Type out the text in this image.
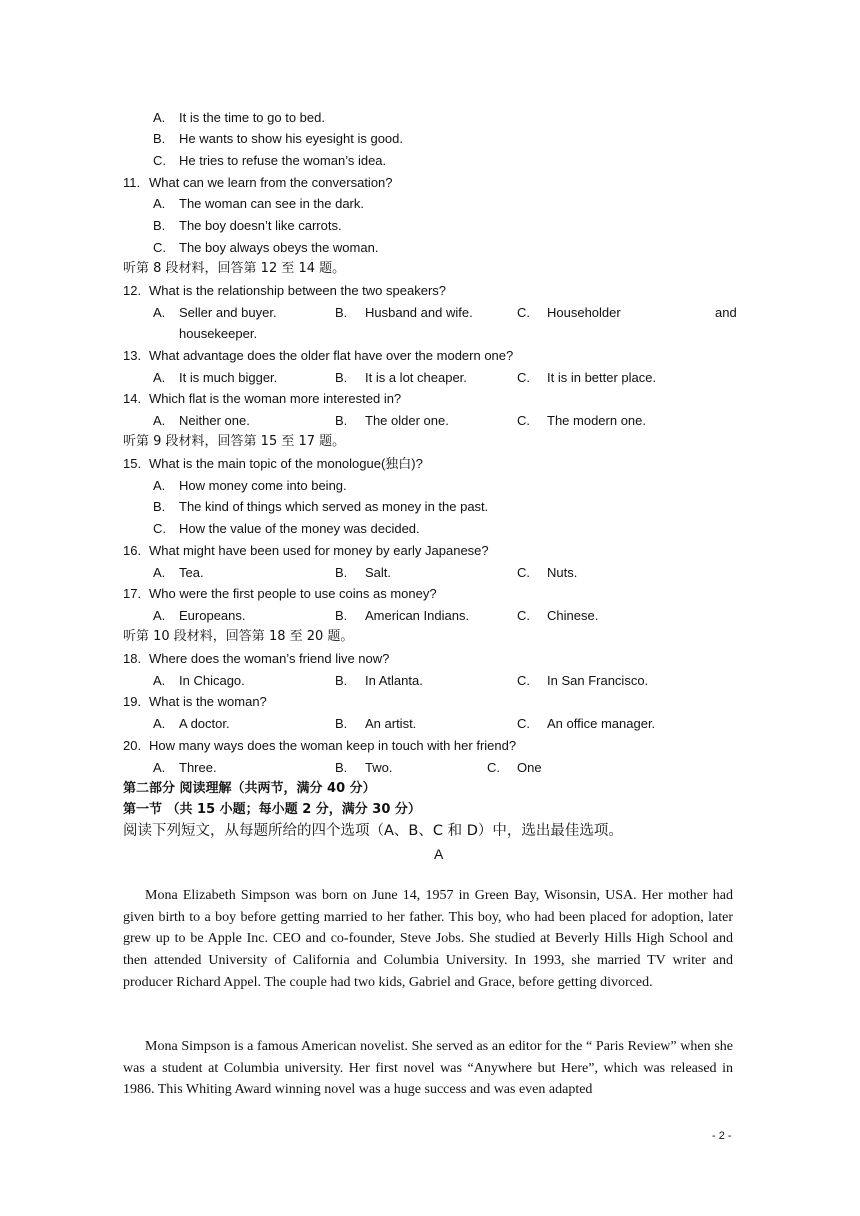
A. It is the time to go to bed.
B. He wants to show his eyesight is good.
C. He tries to refuse the woman’s idea.
11. What can we learn from the conversation?
A. The woman can see in the dark.
B. The boy doesn’t like carrots.
C. The boy always obeys the woman.
听第 8 段材料，回答第 12 至 14 题。
12. What is the relationship between the two speakers?
A. Seller and buyer.	B. Husband and wife.	C. Householder	and
housekeeper.
13. What advantage does the older flat have over the modern one?
A. It is much bigger.	B. It is a lot cheaper.	C. It is in better place.
14. Which flat is the woman more interested in?
A. Neither one.	B. The older one.	C. The modern one.
听第 9 段材料，回答第 15 至 17 题。
15. What is the main topic of the monologue(独白)?
A. How money come into being.
B. The kind of things which served as money in the past.
C. How the value of the money was decided.
16. What might have been used for money by early Japanese?
A. Tea.	B. Salt.	C. Nuts.
17. Who were the first people to use coins as money?
A. Europeans.	B. American Indians.	C. Chinese.
听第 10 段材料，回答第 18 至 20 题。
18. Where does the woman’s friend live now?
A. In Chicago.	B. In Atlanta.	C. In San Francisco.
19. What is the woman?
A. A doctor.	B. An artist.	C. An office manager.
20. How many ways does the woman keep in touch with her friend?
A. Three.	B. Two.	C. One
第二部分 阅读理解（共两节，满分 40 分）
第一节 （共 15 小题；每小题 2 分，满分 30 分）
阅读下列短文，从每题所给的四个选项（A、B、C 和 D）中，选出最佳选项。
A

Mona Elizabeth Simpson was born on June 14, 1957 in Green Bay, Wisonsin, USA. Her mother had given birth to a boy before getting married to her father. This boy, who had been placed for adoption, later grew up to be Apple Inc. CEO and co-founder, Steve Jobs. She studied at Beverly Hills High School and then attended University of California and Columbia University. In 1993, she married TV writer and producer Richard Appel. The couple had two kids, Gabriel and Grace, before getting divorced.

Mona Simpson is a famous American novelist. She served as an editor for the “ Paris Review” when she was a student at Columbia university. Her first novel was “Anywhere but Here”, which was released in 1986. This Whiting Award winning novel was a huge success and was even adapted

- 2 -
